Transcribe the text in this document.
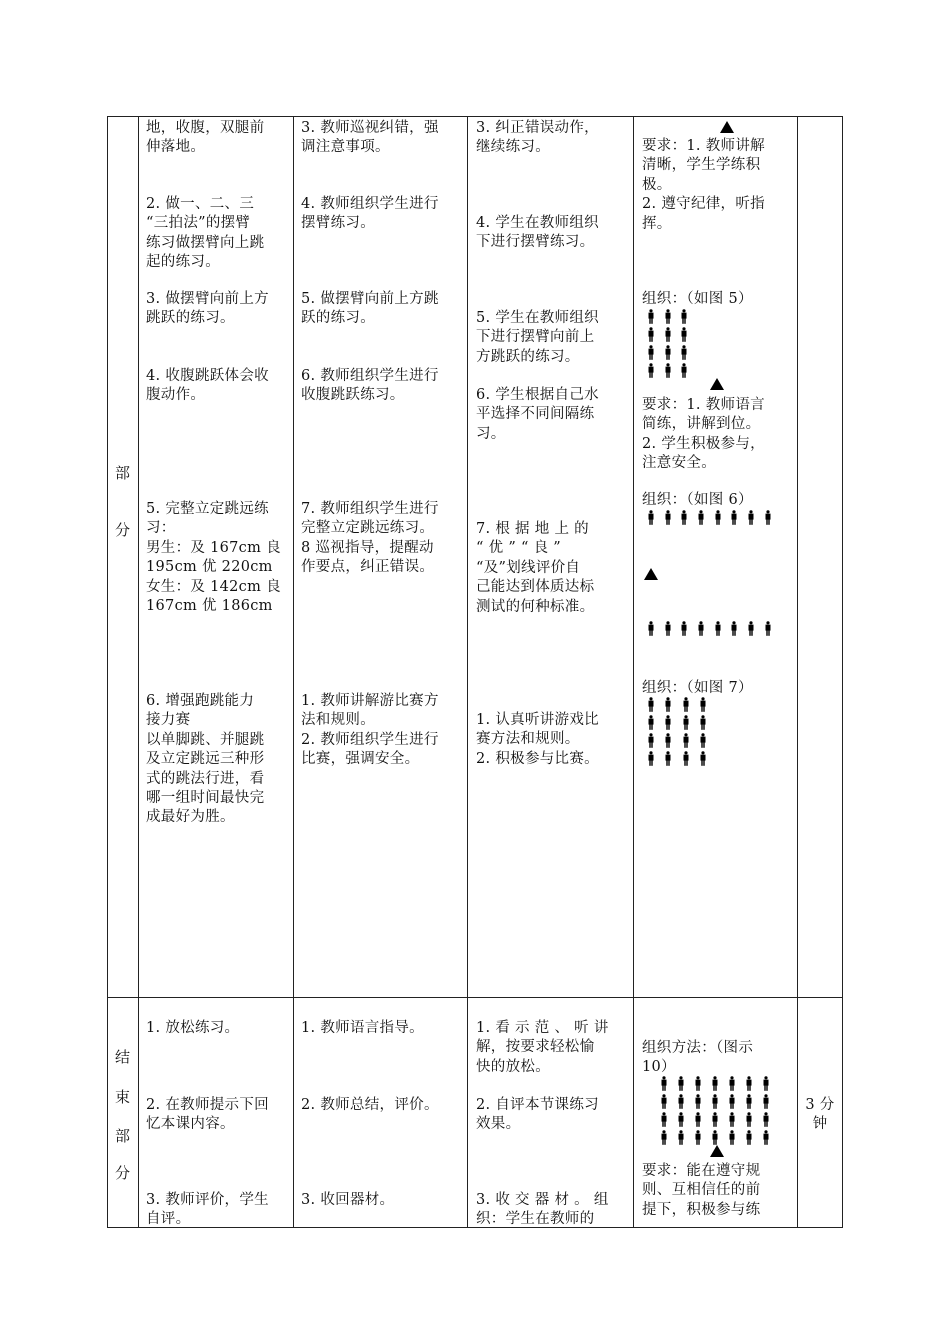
部
分
地，收腹，双腿前
伸落地。
2. 做一、二、三
“三拍法”的摆臂
练习做摆臂向上跳
起的练习。
3. 做摆臂向前上方
跳跃的练习。
4. 收腹跳跃体会收
腹动作。
5. 完整立定跳远练
习：
男生：及 167cm 良
195cm 优 220cm
女生：及 142cm 良
167cm 优 186cm
6. 增强跑跳能力
接力赛
以单脚跳、并腿跳
及立定跳远三种形
式的跳法行进，看
哪一组时间最快完
成最好为胜。
3. 教师巡视纠错，强
调注意事项。
4. 教师组织学生进行
摆臂练习。
5. 做摆臂向前上方跳
跃的练习。
6. 教师组织学生进行
收腹跳跃练习。
7. 教师组织学生进行
完整立定跳远练习。
8 巡视指导，提醒动
作要点，纠正错误。
1. 教师讲解游比赛方
法和规则。
2. 教师组织学生进行
比赛，强调安全。
3. 纠正错误动作，
继续练习。
4. 学生在教师组织
下进行摆臂练习。
5. 学生在教师组织
下进行摆臂向前上
方跳跃的练习。
6. 学生根据自己水
平选择不同间隔练
习。
7. 根 据 地 上 的
“ 优 ” “ 良 ”
“及”划线评价自
己能达到体质达标
测试的何种标准。
1. 认真听讲游戏比
赛方法和规则。
2. 积极参与比赛。
要求：1. 教师讲解
清晰，学生学练积
极。
2. 遵守纪律，听指
挥。
组织：（如图 5）
要求：1. 教师语言
简练，讲解到位。
2. 学生积极参与，
注意安全。
组织：（如图 6）
组织：（如图 7）
结
束
部
分
1. 放松练习。
2. 在教师提示下回
忆本课内容。
3. 教师评价，学生
自评。
1. 教师语言指导。
2. 教师总结，评价。
3. 收回器材。
1. 看 示 范 、 听 讲
解，按要求轻松愉
快的放松。
2. 自评本节课练习
效果。
3. 收 交 器 材 。 组
织：学生在教师的
组织方法：（图示
10）
要求：能在遵守规
则、互相信任的前
提下，积极参与练
3 分
钟
